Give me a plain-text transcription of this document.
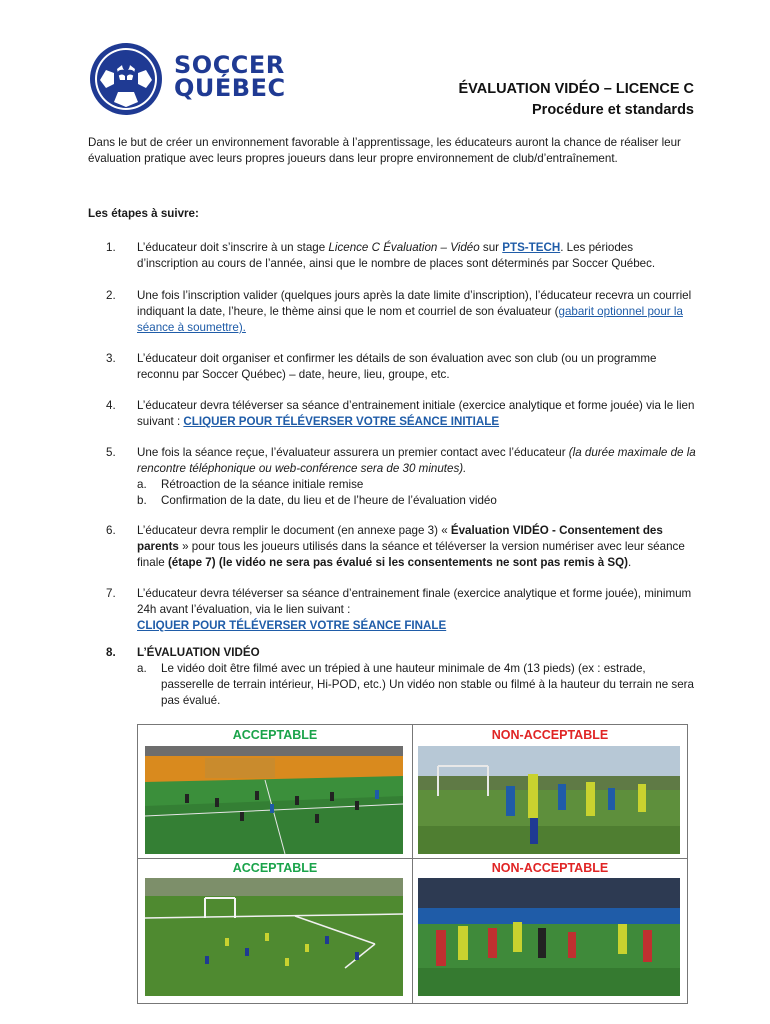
SOCCER
QUÉBEC	ÉVALUATION VIDÉO – LICENCE C
Procédure et standards
Dans le but de créer un environnement favorable à l’apprentissage, les éducateurs auront la chance de réaliser leur évaluation pratique avec leurs propres joueurs dans leur propre environnement de club/d’entraînement.
Les étapes à suivre:
1.	L’éducateur doit s’inscrire à un stage Licence C Évaluation – Vidéo sur PTS-TECH. Les périodes d’inscription au cours de l’année, ainsi que le nombre de places sont déterminés par Soccer Québec.
2.	Une fois l’inscription valider (quelques jours après la date limite d’inscription), l’éducateur recevra un courriel indiquant la date, l’heure, le thème ainsi que le nom et courriel de son évaluateur (gabarit optionnel pour la séance à soumettre).
3.	L’éducateur doit organiser et confirmer les détails de son évaluation avec son club (ou un programme reconnu par Soccer Québec) – date, heure, lieu, groupe, etc.
4.	L’éducateur devra téléverser sa séance d’entrainement initiale (exercice analytique et forme jouée) via le lien suivant : CLIQUER POUR TÉLÉVERSER VOTRE SÉANCE INITIALE
5.	Une fois la séance reçue, l’évaluateur assurera un premier contact avec l’éducateur (la durée maximale de la rencontre téléphonique ou web-conférence sera de 30 minutes).
a. Rétroaction de la séance initiale remise
b. Confirmation de la date, du lieu et de l’heure de l’évaluation vidéo
6.	L’éducateur devra remplir le document (en annexe page 3) « Évaluation VIDÉO - Consentement des parents » pour tous les joueurs utilisés dans la séance et téléverser la version numériser avec leur séance finale (étape 7) (le vidéo ne sera pas évalué si les consentements ne sont pas remis à SQ).
7.	L’éducateur devra téléverser sa séance d’entrainement finale (exercice analytique et forme jouée), minimum 24h avant l’évaluation, via le lien suivant :
CLIQUER POUR TÉLÉVERSER VOTRE SÉANCE FINALE
8.	L’ÉVALUATION VIDÉO
a. Le vidéo doit être filmé avec un trépied à une hauteur minimale de 4m (13 pieds) (ex : estrade, passerelle de terrain intérieur, Hi-POD, etc.) Un vidéo non stable ou filmé à la hauteur du terrain ne sera pas évalué.
ACCEPTABLE	NON-ACCEPTABLE
ACCEPTABLE	NON-ACCEPTABLE
